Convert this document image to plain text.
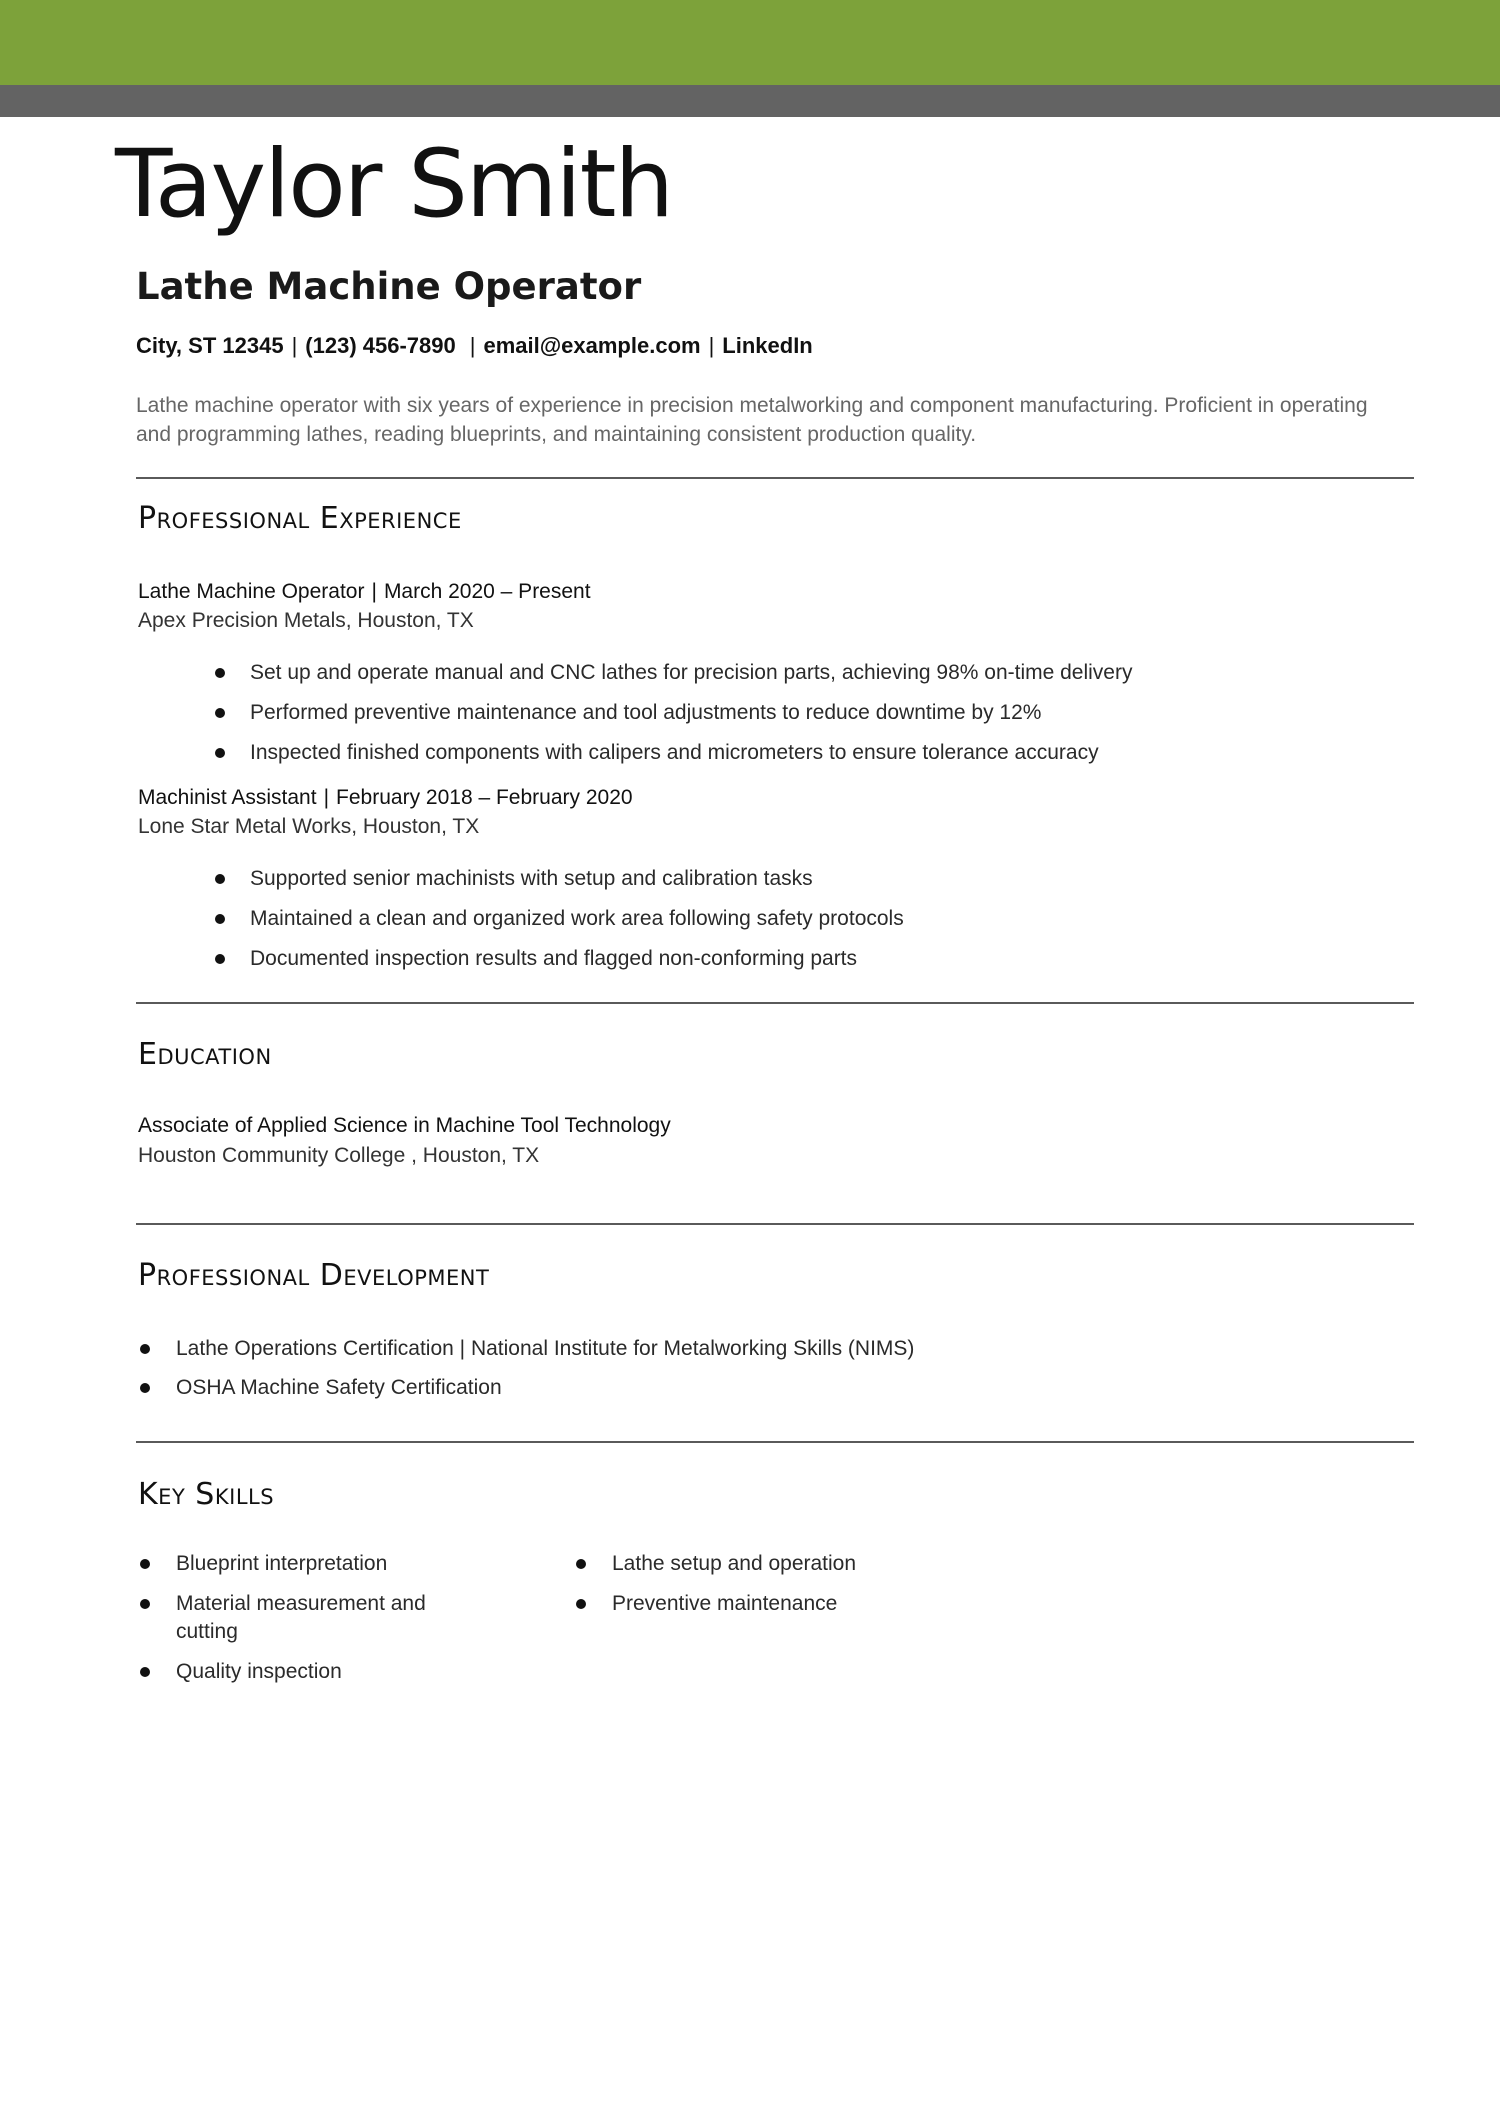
Taylor Smith
Lathe Machine Operator

City, ST 12345 | (123) 456-7890 | email@example.com | LinkedIn

Lathe machine operator with six years of experience in precision metalworking and component manufacturing. Proficient in operating and programming lathes, reading blueprints, and maintaining consistent production quality.

Professional Experience

Lathe Machine Operator | March 2020 – Present

Apex Precision Metals, Houston, TX

Set up and operate manual and CNC lathes for precision parts, achieving 98% on-time delivery
Performed preventive maintenance and tool adjustments to reduce downtime by 12%
Inspected finished components with calipers and micrometers to ensure tolerance accuracy

Machinist Assistant | February 2018 – February 2020

Lone Star Metal Works, Houston, TX

Supported senior machinists with setup and calibration tasks
Maintained a clean and organized work area following safety protocols
Documented inspection results and flagged non-conforming parts
Education

Associate of Applied Science in Machine Tool Technology

Houston Community College , Houston, TX

Professional Development
Lathe Operations Certification | National Institute for Metalworking Skills (NIMS)
OSHA Machine Safety Certification
Key Skills
Blueprint interpretation
Material measurement and cutting
Quality inspection
Lathe setup and operation
Preventive maintenance
